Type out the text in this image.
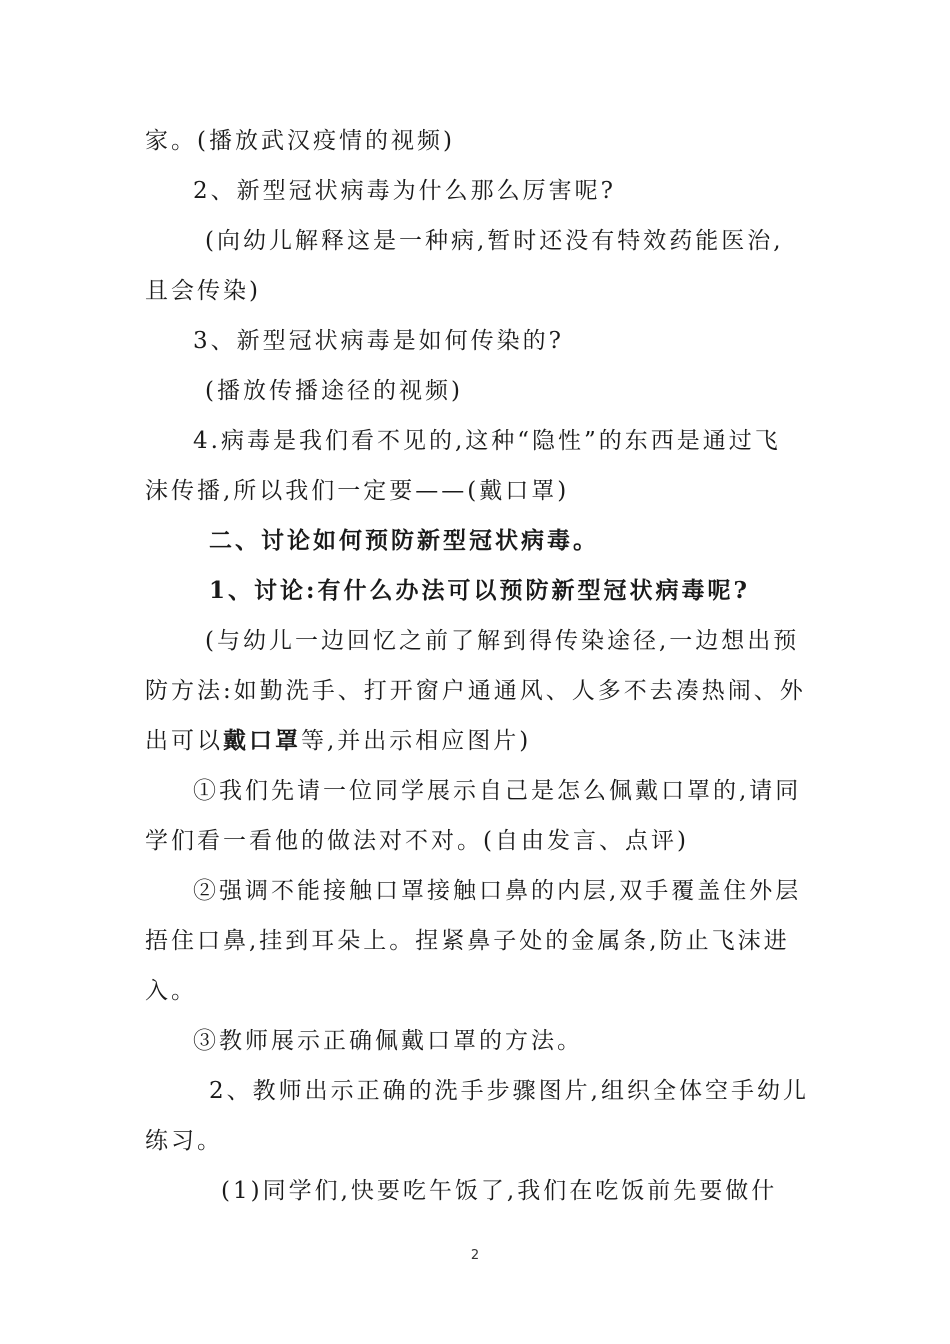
家。(播放武汉疫情的视频)

2、新型冠状病毒为什么那么厉害呢?

(向幼儿解释这是一种病,暂时还没有特效药能医治,

且会传染)

3、新型冠状病毒是如何传染的?

(播放传播途径的视频)

4.病毒是我们看不见的,这种“隐性”的东西是通过飞

沫传播,所以我们一定要——(戴口罩)

二、讨论如何预防新型冠状病毒。

1、讨论:有什么办法可以预防新型冠状病毒呢?

(与幼儿一边回忆之前了解到得传染途径,一边想出预

防方法:如勤洗手、打开窗户通通风、人多不去凑热闹、外

出可以戴口罩等,并出示相应图片)

①我们先请一位同学展示自己是怎么佩戴口罩的,请同

学们看一看他的做法对不对。(自由发言、点评)

②强调不能接触口罩接触口鼻的内层,双手覆盖住外层

捂住口鼻,挂到耳朵上。捏紧鼻子处的金属条,防止飞沫进

入。

③教师展示正确佩戴口罩的方法。

2、教师出示正确的洗手步骤图片,组织全体空手幼儿

练习。

(1)同学们,快要吃午饭了,我们在吃饭前先要做什

2
